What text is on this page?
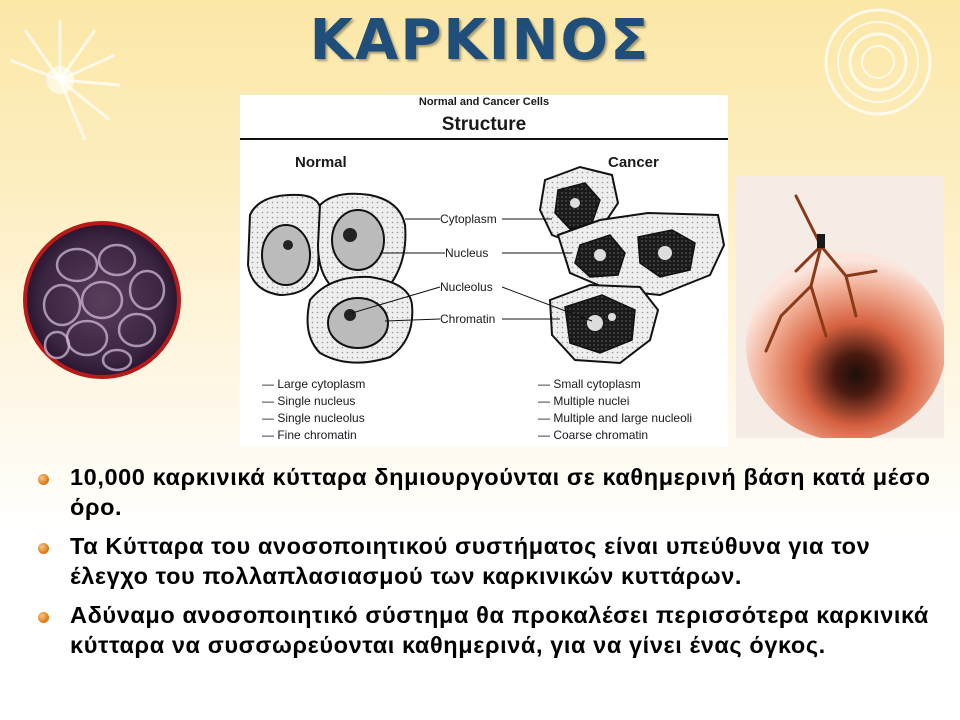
ΚΑΡΚΙΝΟΣ
Normal and Cancer Cells
Structure
Normal	Cancer
Cytoplasm
Nucleus
Nucleolus
Chromatin
— Large cytoplasm
— Single nucleus
— Single nucleolus
— Fine chromatin
— Small cytoplasm
— Multiple nuclei
— Multiple and large nucleoli
— Coarse chromatin
10,000 καρκινικά κύτταρα δημιουργούνται σε καθημερινή βάση κατά μέσο όρο.
Τα Κύτταρα του ανοσοποιητικού συστήματος είναι υπεύθυνα για τον έλεγχο του πολλαπλασιασμού των καρκινικών κυττάρων.
Αδύναμο ανοσοποιητικό σύστημα θα προκαλέσει περισσότερα καρκινικά κύτταρα να συσσωρεύονται καθημερινά, για να γίνει ένας όγκος.
